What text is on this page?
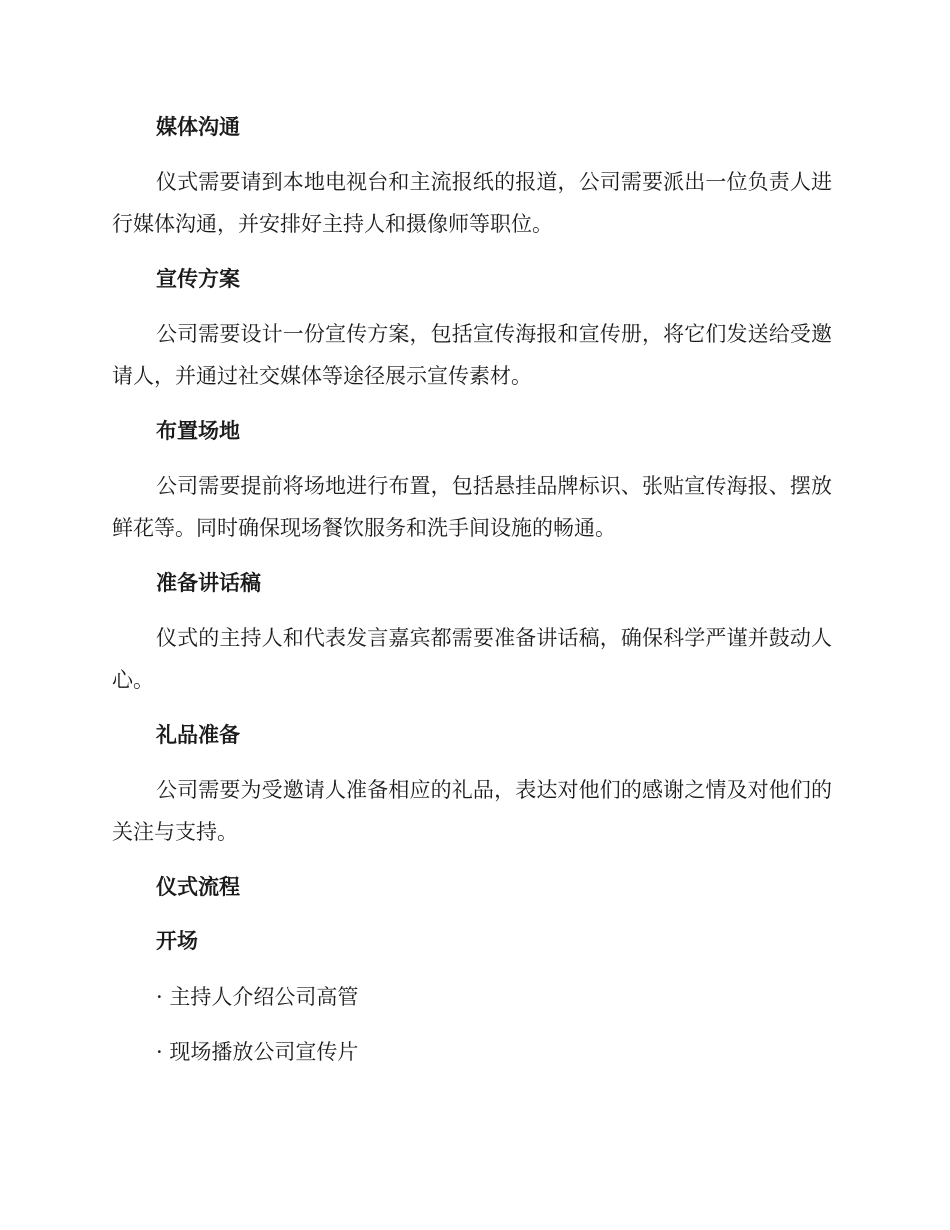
媒体沟通
仪式需要请到本地电视台和主流报纸的报道，公司需要派出一位负责人进行媒体沟通，并安排好主持人和摄像师等职位。
宣传方案
公司需要设计一份宣传方案，包括宣传海报和宣传册，将它们发送给受邀请人，并通过社交媒体等途径展示宣传素材。
布置场地
公司需要提前将场地进行布置，包括悬挂品牌标识、张贴宣传海报、摆放鲜花等。同时确保现场餐饮服务和洗手间设施的畅通。
准备讲话稿
仪式的主持人和代表发言嘉宾都需要准备讲话稿，确保科学严谨并鼓动人心。
礼品准备
公司需要为受邀请人准备相应的礼品，表达对他们的感谢之情及对他们的关注与支持。
仪式流程
开场
· 主持人介绍公司高管
· 现场播放公司宣传片
